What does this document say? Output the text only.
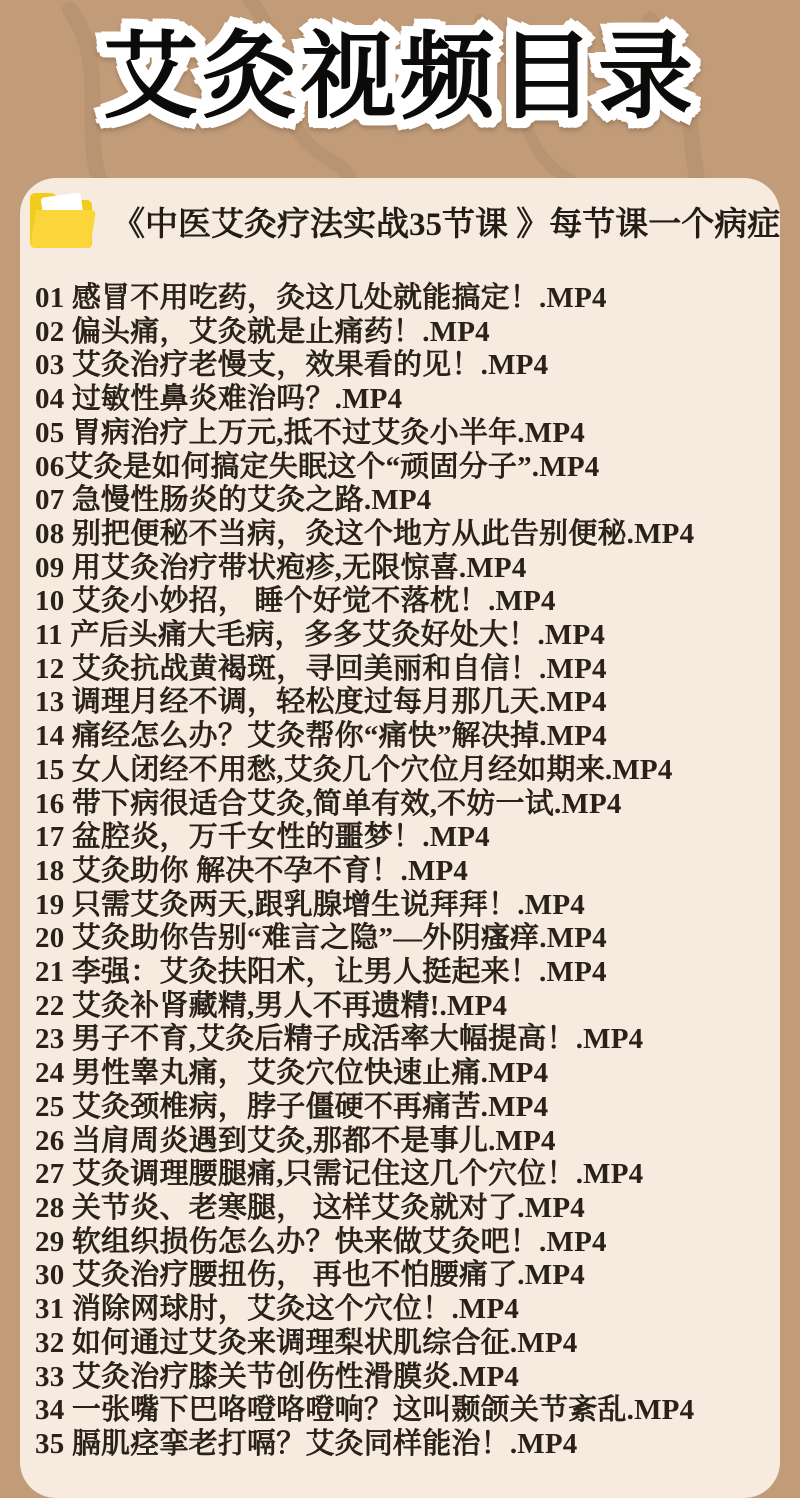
艾灸视频目录 艾灸视频目录
《中医艾灸疗法实战35节课 》每节课一个病症
01 感冒不用吃药，灸这几处就能搞定！.MP4
02 偏头痛，艾灸就是止痛药！.MP4
03 艾灸治疗老慢支，效果看的见！.MP4
04 过敏性鼻炎难治吗？.MP4
05 胃病治疗上万元,抵不过艾灸小半年.MP4
06艾灸是如何搞定失眠这个“顽固分子”.MP4
07 急慢性肠炎的艾灸之路.MP4
08 别把便秘不当病，灸这个地方从此告别便秘.MP4
09 用艾灸治疗带状疱疹,无限惊喜.MP4
10 艾灸小妙招， 睡个好觉不落枕！.MP4
11 产后头痛大毛病，多多艾灸好处大！.MP4
12 艾灸抗战黄褐斑，寻回美丽和自信！.MP4
13 调理月经不调，轻松度过每月那几天.MP4
14 痛经怎么办？艾灸帮你“痛快”解决掉.MP4
15 女人闭经不用愁,艾灸几个穴位月经如期来.MP4
16 带下病很适合艾灸,简单有效,不妨一试.MP4
17 盆腔炎，万千女性的噩梦！.MP4
18 艾灸助你 解决不孕不育！.MP4
19 只需艾灸两天,跟乳腺增生说拜拜！.MP4
20 艾灸助你告别“难言之隐”—外阴瘙痒.MP4
21 李强：艾灸扶阳术，让男人挺起来！.MP4
22 艾灸补肾藏精,男人不再遗精!.MP4
23 男子不育,艾灸后精子成活率大幅提高！.MP4
24 男性睾丸痛，艾灸穴位快速止痛.MP4
25 艾灸颈椎病，脖子僵硬不再痛苦.MP4
26 当肩周炎遇到艾灸,那都不是事儿.MP4
27 艾灸调理腰腿痛,只需记住这几个穴位！.MP4
28 关节炎、老寒腿， 这样艾灸就对了.MP4
29 软组织损伤怎么办？快来做艾灸吧！.MP4
30 艾灸治疗腰扭伤， 再也不怕腰痛了.MP4
31 消除网球肘，艾灸这个穴位！.MP4
32 如何通过艾灸来调理梨状肌综合征.MP4
33 艾灸治疗膝关节创伤性滑膜炎.MP4
34 一张嘴下巴咯噔咯噔响？这叫颞颌关节紊乱.MP4
35 膈肌痉挛老打嗝？艾灸同样能治！.MP4
